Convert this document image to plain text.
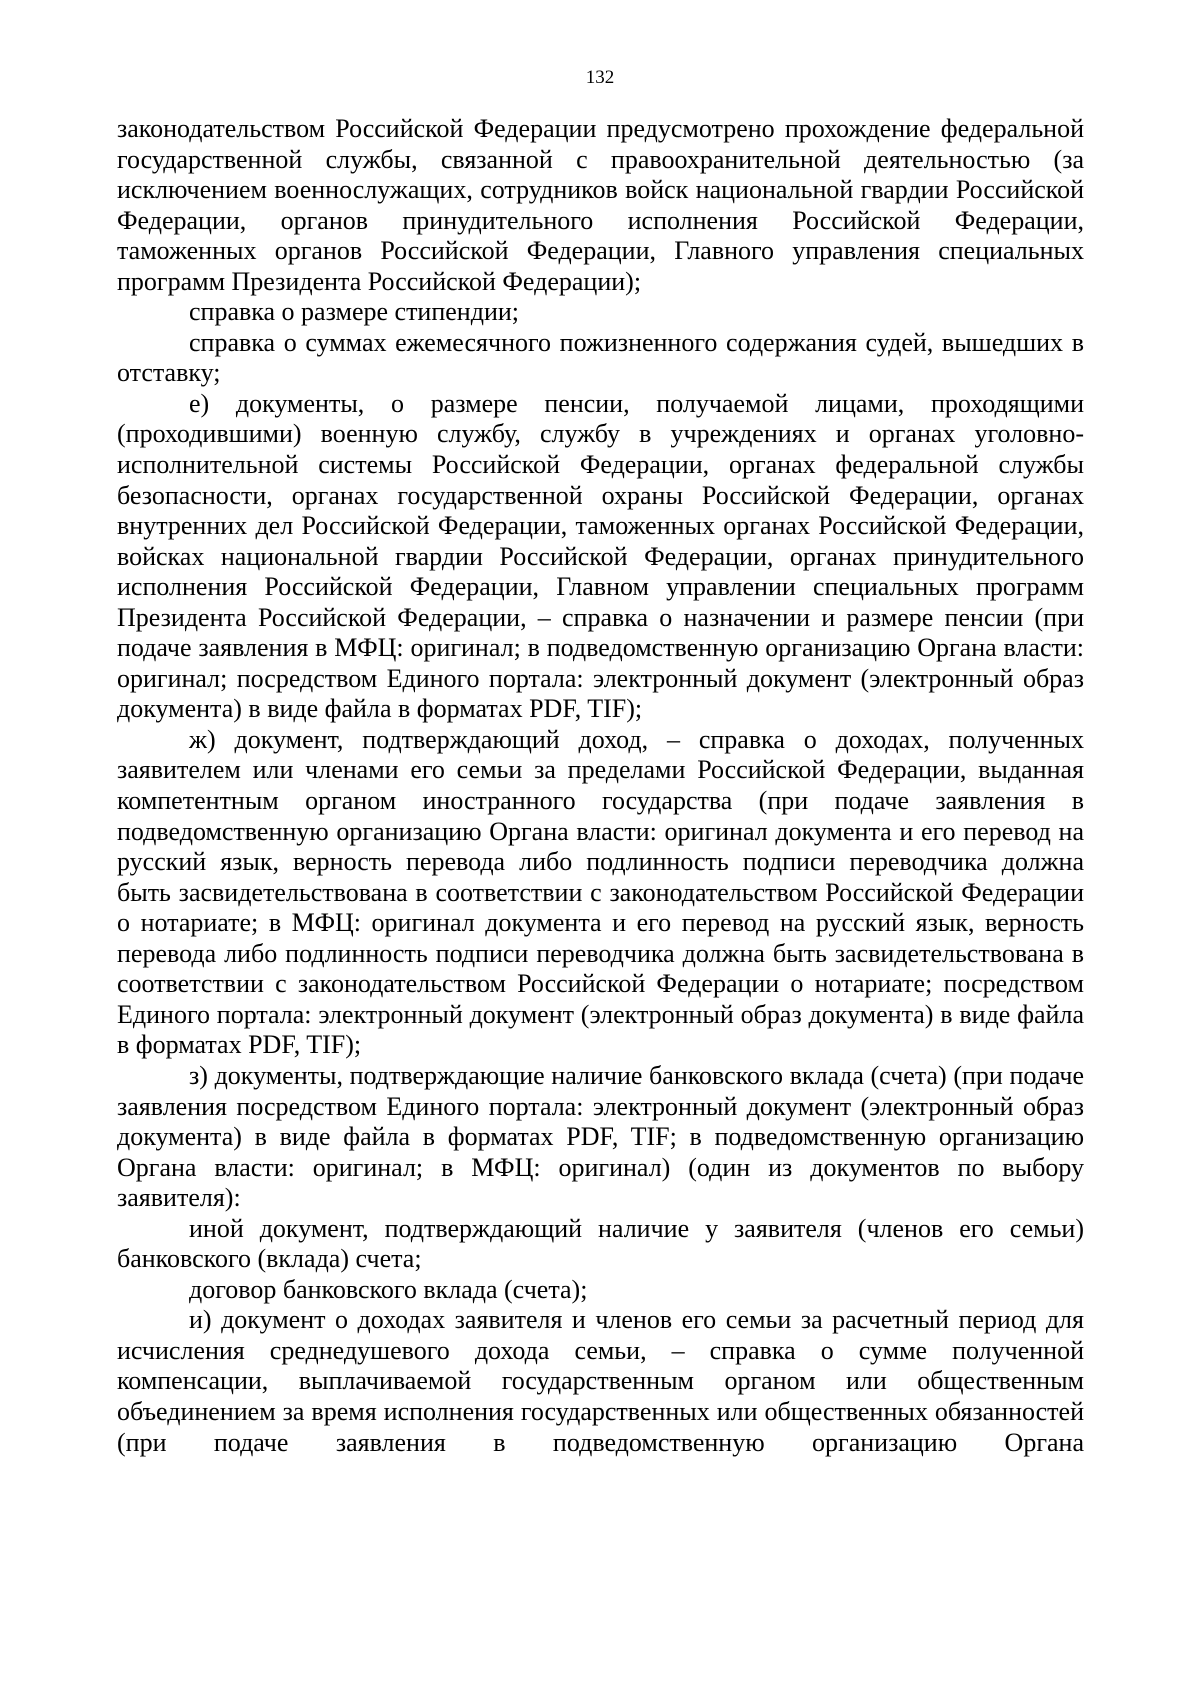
132

законодательством Российской Федерации предусмотрено прохождение федеральной государственной службы, связанной с правоохранительной деятельностью (за исключением военнослужащих, сотрудников войск национальной гвардии Российской Федерации, органов принудительного исполнения Российской Федерации, таможенных органов Российской Федерации, Главного управления специальных программ Президента Российской Федерации);

справка о размере стипендии;

справка о суммах ежемесячного пожизненного содержания судей, вышедших в отставку;

е) документы, о размере пенсии, получаемой лицами, проходящими (проходившими) военную службу, службу в учреждениях и органах уголовно-исполнительной системы Российской Федерации, органах федеральной службы безопасности, органах государственной охраны Российской Федерации, органах внутренних дел Российской Федерации, таможенных органах Российской Федерации, войсках национальной гвардии Российской Федерации, органах принудительного исполнения Российской Федерации, Главном управлении специальных программ Президента Российской Федерации, – справка о назначении и размере пенсии (при подаче заявления в МФЦ: оригинал; в подведомственную организацию Органа власти: оригинал; посредством Единого портала: электронный документ (электронный образ документа) в виде файла в форматах PDF, TIF);

ж) документ, подтверждающий доход, – справка о доходах, полученных заявителем или членами его семьи за пределами Российской Федерации, выданная компетентным органом иностранного государства (при подаче заявления в подведомственную организацию Органа власти: оригинал документа и его перевод на русский язык, верность перевода либо подлинность подписи переводчика должна быть засвидетельствована в соответствии с законодательством Российской Федерации о нотариате; в МФЦ: оригинал документа и его перевод на русский язык, верность перевода либо подлинность подписи переводчика должна быть засвидетельствована в соответствии с законодательством Российской Федерации о нотариате; посредством Единого портала: электронный документ (электронный образ документа) в виде файла в форматах PDF, TIF);

з) документы, подтверждающие наличие банковского вклада (счета) (при подаче заявления посредством Единого портала: электронный документ (электронный образ документа) в виде файла в форматах PDF, TIF; в подведомственную организацию Органа власти: оригинал; в МФЦ: оригинал) (один из документов по выбору заявителя):

иной документ, подтверждающий наличие у заявителя (членов его семьи) банковского (вклада) счета;

договор банковского вклада (счета);

и) документ о доходах заявителя и членов его семьи за расчетный период для исчисления среднедушевого дохода семьи, – справка о сумме полученной компенсации, выплачиваемой государственным органом или общественным объединением за время исполнения государственных или общественных обязанностей (при подаче заявления в подведомственную организацию Органа
